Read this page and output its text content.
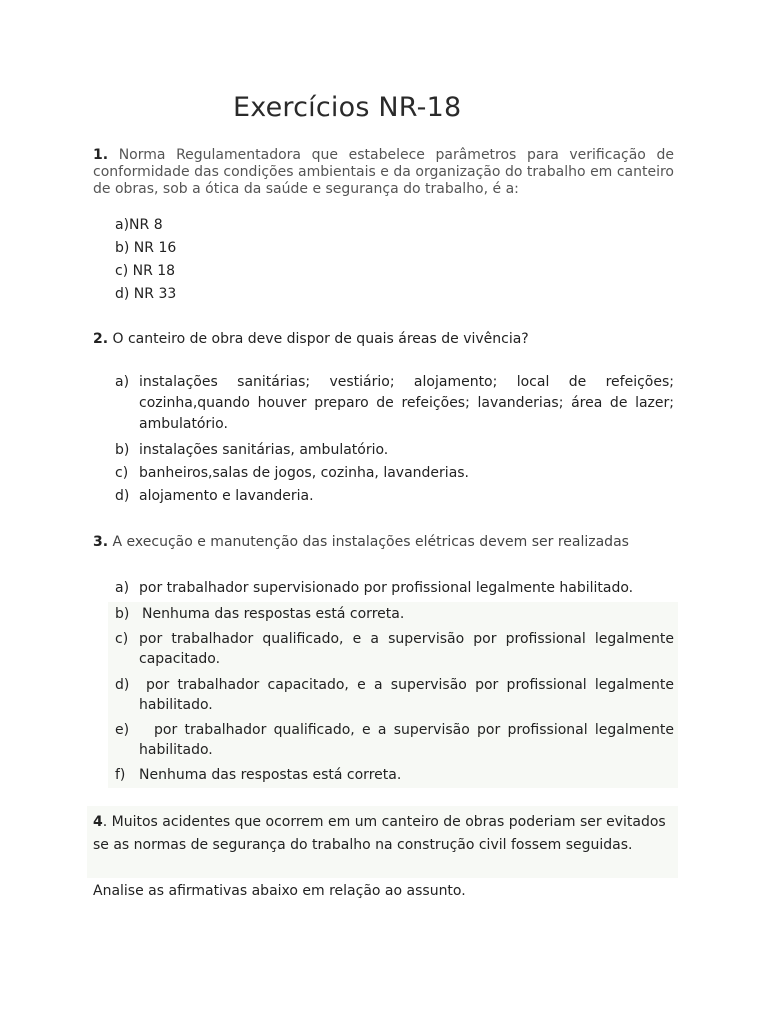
Exercícios NR-18
1. Norma Regulamentadora que estabelece parâmetros para verificação de conformidade das condições ambientais e da organização do trabalho em canteiro de obras, sob a ótica da saúde e segurança do trabalho, é a:
a)NR 8
b) NR 16
c) NR 18
d) NR 33
2. O canteiro de obra deve dispor de quais áreas de vivência?
a) instalações sanitárias; vestiário; alojamento; local de refeições; cozinha,quando houver preparo de refeições; lavanderias; área de lazer; ambulatório.
b) instalações sanitárias, ambulatório.
c) banheiros,salas de jogos, cozinha, lavanderias.
d) alojamento e lavanderia.
3. A execução e manutenção das instalações elétricas devem ser realizadas
a) por trabalhador supervisionado por profissional legalmente habilitado.
b) Nenhuma das respostas está correta.
c) por trabalhador qualificado, e a supervisão por profissional legalmente capacitado.
d)	por trabalhador capacitado, e a supervisão por profissional legalmente habilitado.
e)	por trabalhador qualificado, e a supervisão por profissional legalmente habilitado.
f) Nenhuma das respostas está correta.
4. Muitos acidentes que ocorrem em um canteiro de obras poderiam ser evitados se as normas de segurança do trabalho na construção civil fossem seguidas.
Analise as afirmativas abaixo em relação ao assunto.
